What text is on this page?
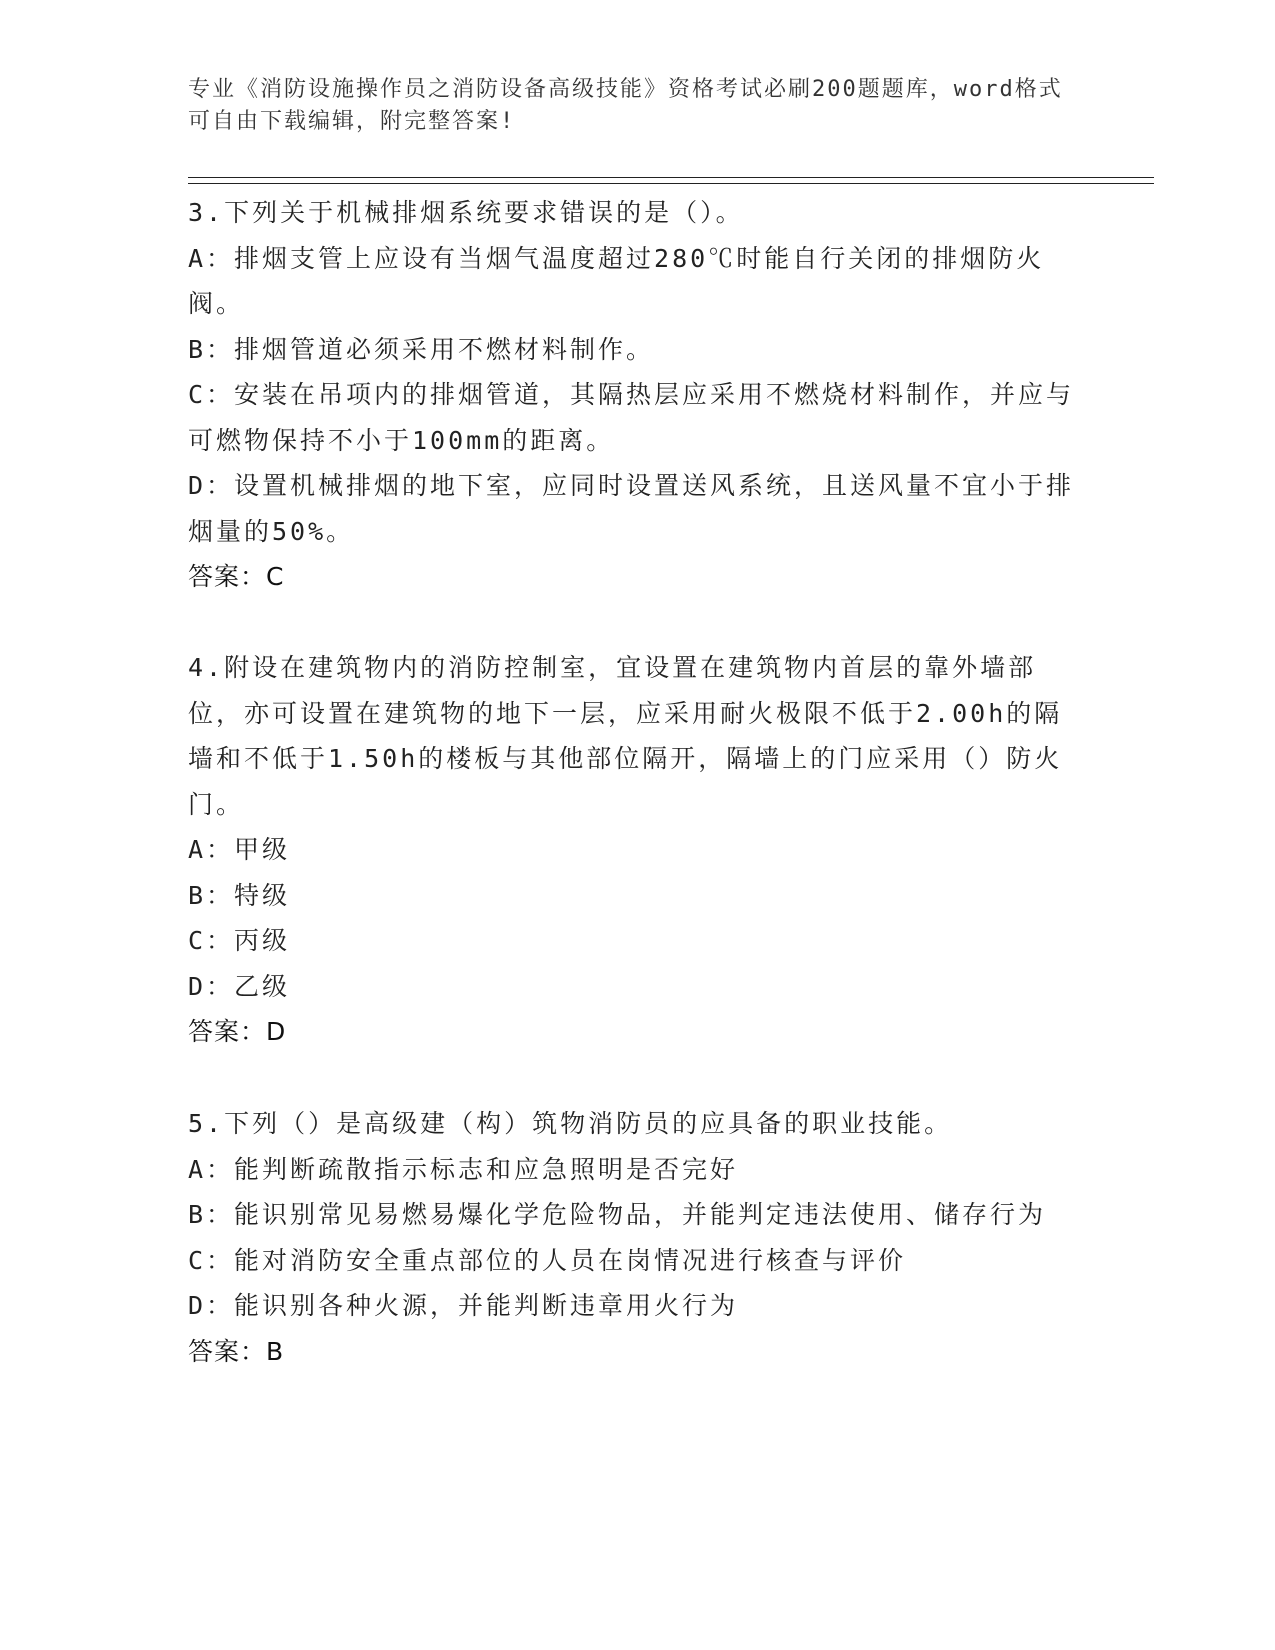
专业《消防设施操作员之消防设备高级技能》资格考试必刷200题题库，word格式可自由下载编辑，附完整答案!

3.下列关于机械排烟系统要求错误的是（）。

A：排烟支管上应设有当烟气温度超过280℃时能自行关闭的排烟防火阀。

B：排烟管道必须采用不燃材料制作。

C：安装在吊项内的排烟管道，其隔热层应采用不燃烧材料制作，并应与可燃物保持不小于100mm的距离。

D：设置机械排烟的地下室，应同时设置送风系统，且送风量不宜小于排烟量的50%。

答案：C

4.附设在建筑物内的消防控制室，宜设置在建筑物内首层的靠外墙部位，亦可设置在建筑物的地下一层，应采用耐火极限不低于2.00h的隔墙和不低于1.50h的楼板与其他部位隔开，隔墙上的门应采用（）防火门。

A：甲级

B：特级

C：丙级

D：乙级

答案：D

5.下列（）是高级建（构）筑物消防员的应具备的职业技能。

A：能判断疏散指示标志和应急照明是否完好

B：能识别常见易燃易爆化学危险物品，并能判定违法使用、储存行为

C：能对消防安全重点部位的人员在岗情况进行核查与评价

D：能识别各种火源，并能判断违章用火行为

答案：B
